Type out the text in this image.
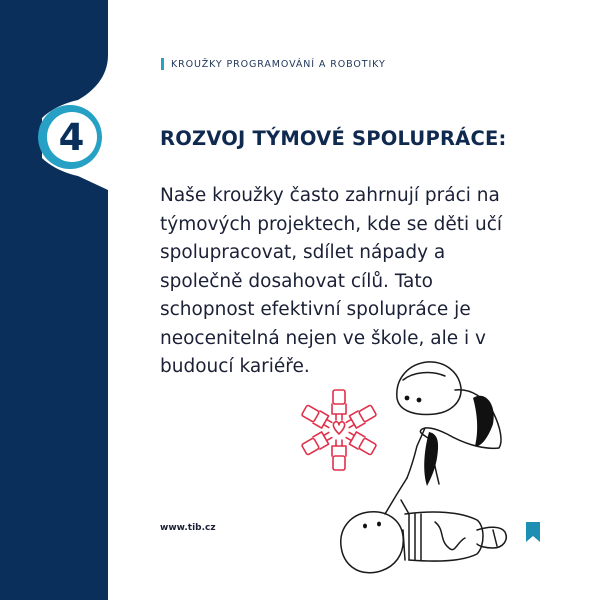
4
KROUŽKY PROGRAMOVÁNÍ A ROBOTIKY
ROZVOJ TÝMOVÉ SPOLUPRÁCE:

Naše kroužky často zahrnují práci na
týmových projektech, kde se děti učí
spolupracovat, sdílet nápady a
společně dosahovat cílů. Tato
schopnost efektivní spolupráce je
neocenitelná nejen ve škole, ale i v
budoucí kariéře.

www.tib.cz
